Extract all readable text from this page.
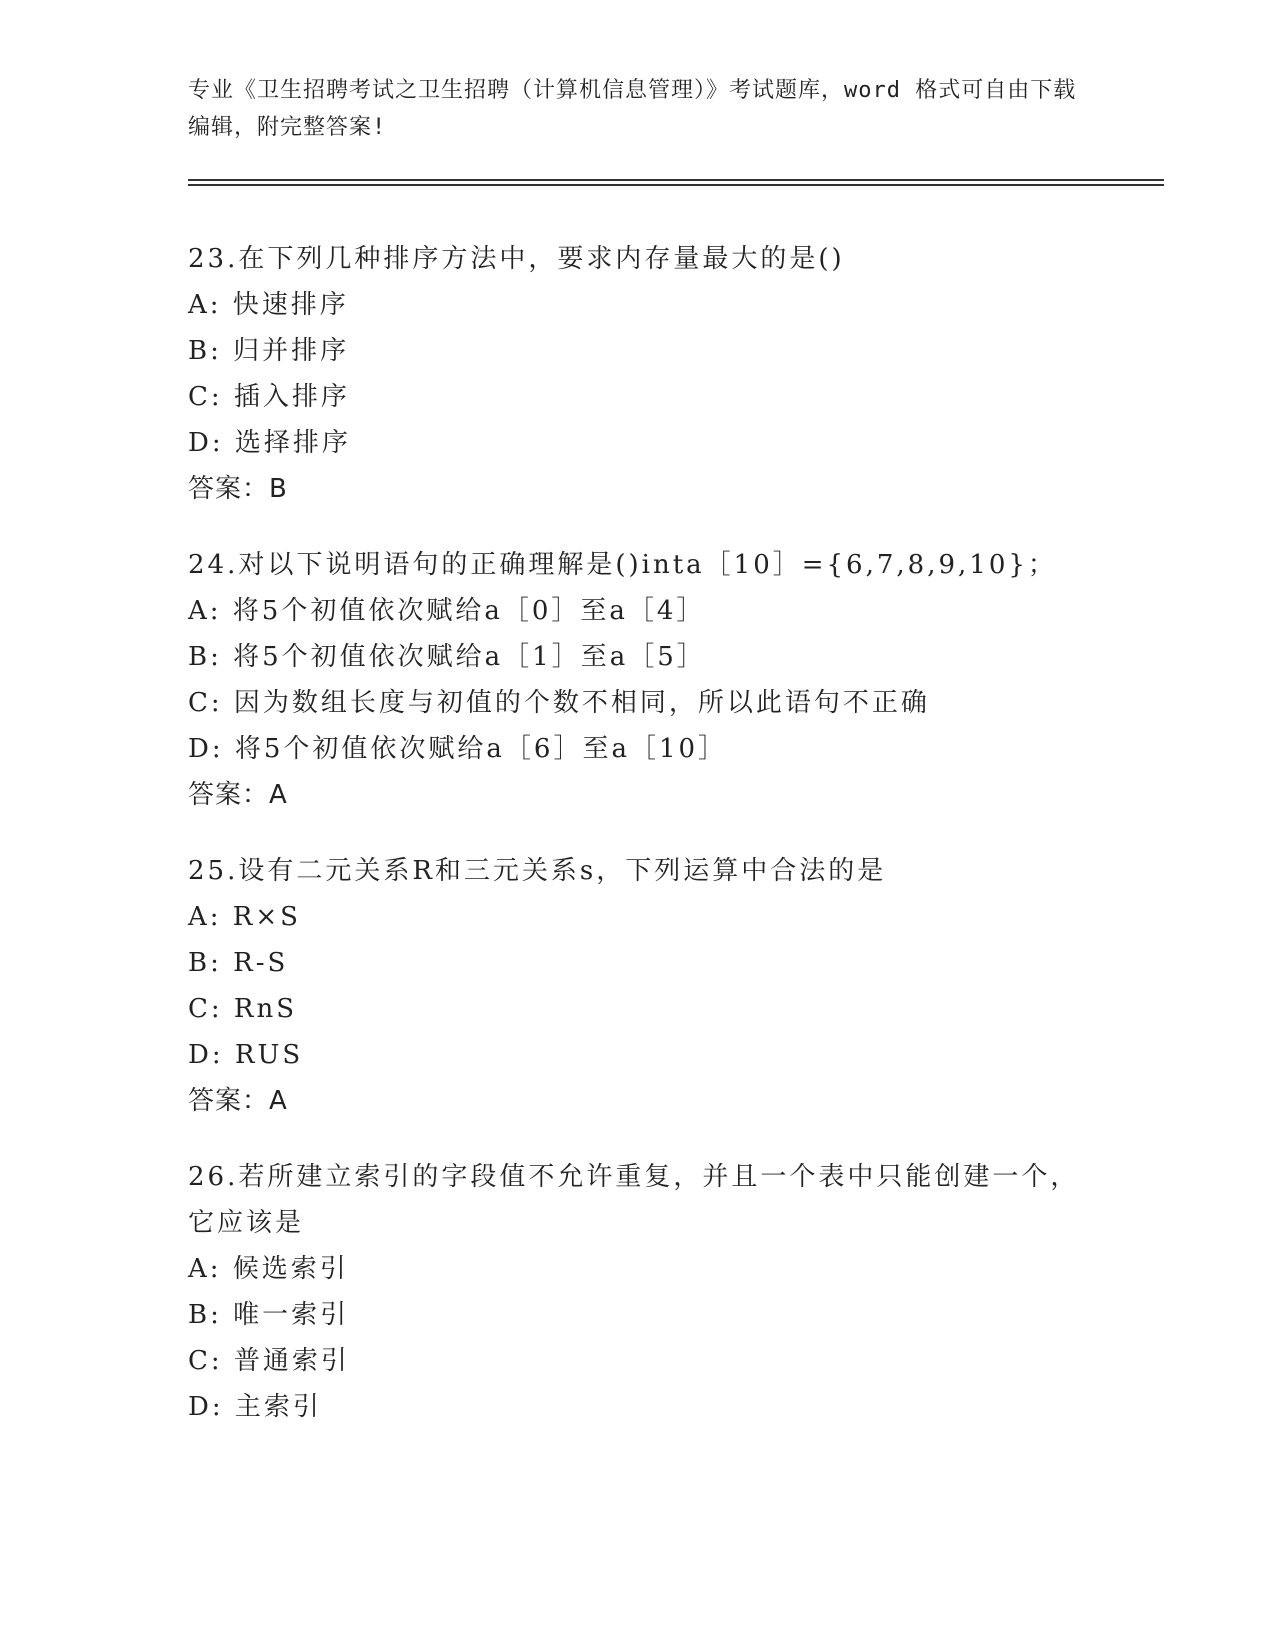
专业《卫生招聘考试之卫生招聘（计算机信息管理）》考试题库，word 格式可自由下载编辑，附完整答案!
23.在下列几种排序方法中，要求内存量最大的是()
A: 快速排序
B: 归并排序
C: 插入排序
D: 选择排序
答案：B
24.对以下说明语句的正确理解是()inta［10］={6,7,8,9,10}；
A: 将5个初值依次赋给a［0］至a［4］
B: 将5个初值依次赋给a［1］至a［5］
C: 因为数组长度与初值的个数不相同，所以此语句不正确
D: 将5个初值依次赋给a［6］至a［10］
答案：A
25.设有二元关系R和三元关系s，下列运算中合法的是
A: R×S
B: R-S
C: RnS
D: RUS
答案：A
26.若所建立索引的字段值不允许重复，并且一个表中只能创建一个，它应该是
A: 候选索引
B: 唯一索引
C: 普通索引
D: 主索引
